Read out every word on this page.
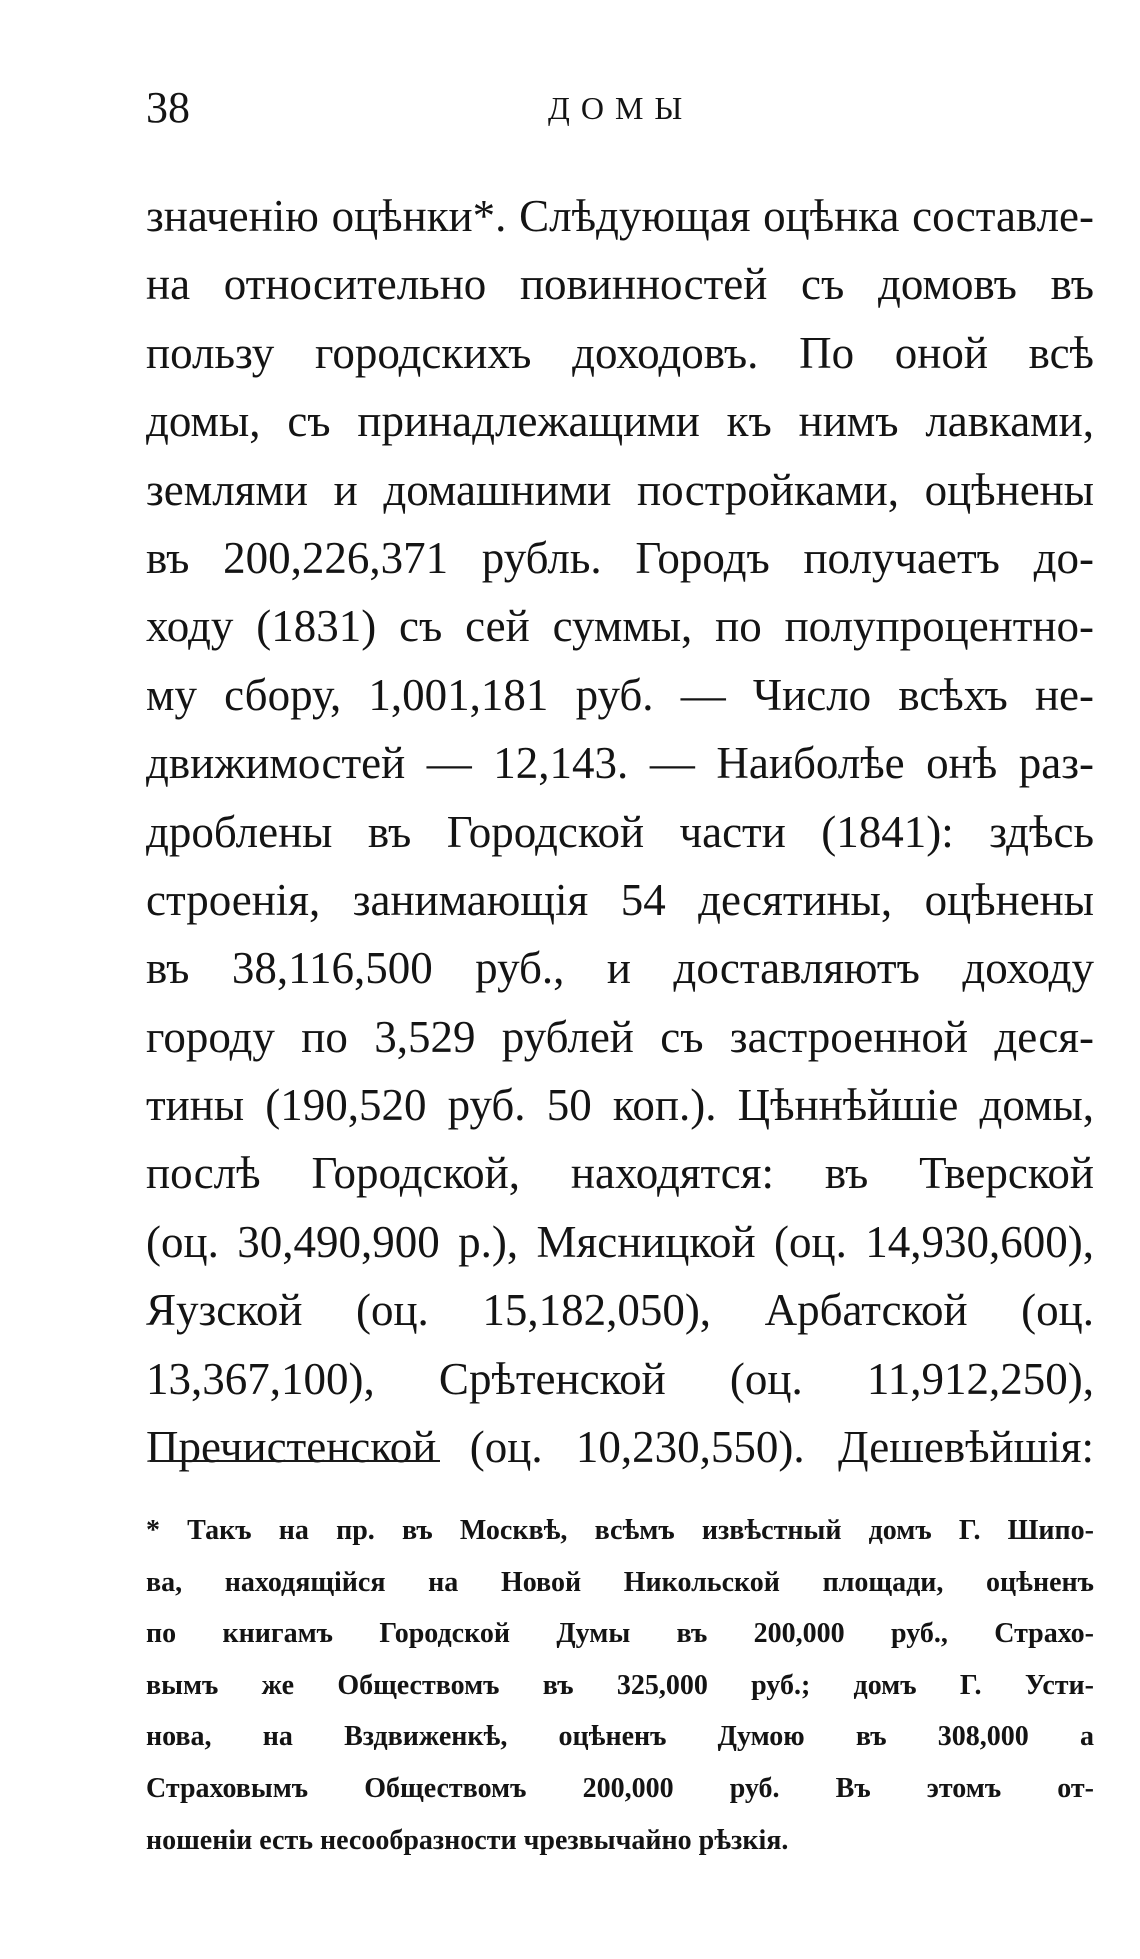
38	ДОМЫ
значенію оцѣнки*. Слѣдующая оцѣнка составле-
на относительно повинностей съ домовъ въ
пользу городскихъ доходовъ. По оной всѣ
домы, съ принадлежащими къ нимъ лавками,
землями и домашними постройками, оцѣнены
въ 200,226,371 рубль. Городъ получаетъ до-
ходу (1831) съ сей суммы, по полупроцентно-
му сбору, 1,001,181 руб. — Число всѣхъ не-
движимостей — 12,143. — Наиболѣе онѣ раз-
дроблены въ Городской части (1841): здѣсь
строенія, занимающія 54 десятины, оцѣнены
въ 38,116,500 руб., и доставляютъ доходу
городу по 3,529 рублей съ застроенной деся-
тины (190,520 руб. 50 коп.). Цѣннѣйшіе домы,
послѣ Городской, находятся: въ Тверской
(оц. 30,490,900 р.), Мясницкой (оц. 14,930,600),
Яузской (оц. 15,182,050), Арбатской (оц.
13,367,100), Срѣтенской (оц. 11,912,250),
Пречистенской (оц. 10,230,550). Дешевѣйшія:
* Такъ на пр. въ Москвѣ, всѣмъ извѣстный домъ Г. Шипо-
ва, находящійся на Новой Никольской площади, оцѣненъ
по книгамъ Городской Думы въ 200,000 руб., Страхо-
вымъ же Обществомъ въ 325,000 руб.; домъ Г. Усти-
нова, на Вздвиженкѣ, оцѣненъ Думою въ 308,000 а
Страховымъ Обществомъ 200,000 руб. Въ этомъ от-
ношеніи есть несообразности чрезвычайно рѣзкія.
